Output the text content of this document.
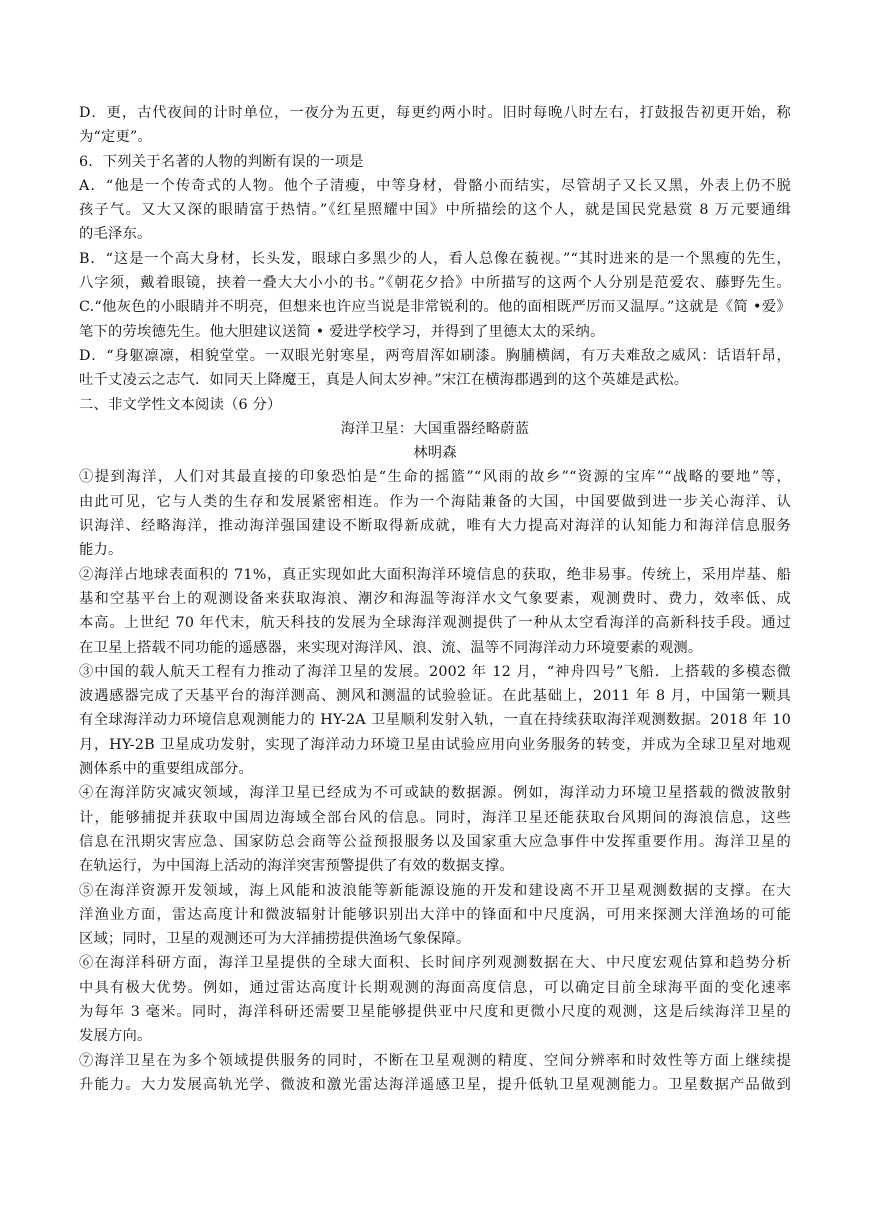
D．更，古代夜间的计时单位，一夜分为五更，每更约两小时。旧时每晚八时左右，打鼓报告初更开始，称
为“定更”。
6．下列关于名著的人物的判断有误的一项是
A．“他是一个传奇式的人物。他个子清瘦，中等身材，骨骼小而结实，尽管胡子又长又黑，外表上仍不脱
孩子气。又大又深的眼睛富于热情。”《红星照耀中国》中所描绘的这个人，就是国民党悬赏 8 万元要通缉
的毛泽东。
B．“这是一个高大身材，长头发，眼球白多黑少的人，看人总像在藐视。”“其时进来的是一个黑瘦的先生，
八字须，戴着眼镜，挟着一叠大大小小的书。”《朝花夕拾》中所描写的这两个人分别是范爱农、藤野先生。
C.“他灰色的小眼睛并不明亮，但想来也许应当说是非常锐利的。他的面相既严厉而又温厚。”这就是《简 •爱》
笔下的劳埃德先生。他大胆建议送简 • 爱进学校学习，并得到了里德太太的采纳。
D．“身躯凛凛，相貌堂堂。一双眼光射寒星，两弯眉浑如刷漆。胸脯横阔，有万夫难敌之威风：话语轩昂，
吐千丈凌云之志气．如同天上降魔王，真是人间太岁神。”宋江在横海郡遇到的这个英雄是武松。
二、非文学性文本阅读（6 分）
海洋卫星：大国重器经略蔚蓝
林明森
①提到海洋，人们对其最直接的印象恐怕是“生命的摇篮”“风雨的故乡”“资源的宝库”“战略的要地”等，
由此可见，它与人类的生存和发展紧密相连。作为一个海陆兼备的大国，中国要做到进一步关心海洋、认
识海洋、经略海洋，推动海洋强国建设不断取得新成就，唯有大力提高对海洋的认知能力和海洋信息服务
能力。
②海洋占地球表面积的 71%，真正实现如此大面积海洋环境信息的获取，绝非易事。传统上，采用岸基、船
基和空基平台上的观测设备来获取海浪、潮汐和海温等海洋水文气象要素，观测费时、费力，效率低、成
本高。上世纪 70 年代末，航天科技的发展为全球海洋观测提供了一种从太空看海洋的高新科技手段。通过
在卫星上搭载不同功能的遥感器，来实现对海洋风、浪、流、温等不同海洋动力环境要素的观测。
③中国的载人航天工程有力推动了海洋卫星的发展。2002 年 12 月，“神舟四号”飞船．上搭载的多模态微
波遇感器完成了天基平台的海洋测高、测风和测温的试验验证。在此基础上，2011 年 8 月，中国第一颗具
有全球海洋动力环境信息观测能力的 HY-2A 卫星顺利发射入轨，一直在持续获取海洋观测数据。2018 年 10
月，HY-2B 卫星成功发射，实现了海洋动力环境卫星由试验应用向业务服务的转变，并成为全球卫星对地观
测体系中的重要组成部分。
④在海洋防灾减灾领域，海洋卫星已经成为不可或缺的数据源。例如，海洋动力环境卫星搭载的微波散射
计，能够捕捉并获取中国周边海域全部台风的信息。同时，海洋卫星还能获取台风期间的海浪信息，这些
信息在汛期灾害应急、国家防总会商等公益预报服务以及国家重大应急事件中发挥重要作用。海洋卫星的
在轨运行，为中国海上活动的海洋突害预警提供了有效的数据支撑。
⑤在海洋资源开发领域，海上风能和波浪能等新能源设施的开发和建设离不开卫星观测数据的支撑。在大
洋渔业方面，雷达高度计和微波辐射计能够识别出大洋中的锋面和中尺度涡，可用来探测大洋渔场的可能
区域；同时，卫星的观测还可为大洋捕捞提供渔场气象保障。
⑥在海洋科研方面，海洋卫星提供的全球大面积、长时间序列观测数据在大、中尺度宏观估算和趋势分析
中具有极大优势。例如，通过雷达高度计长期观测的海面高度信息，可以确定目前全球海平面的变化速率
为每年 3 毫米。同时，海洋科研还需要卫星能够提供亚中尺度和更微小尺度的观测，这是后续海洋卫星的
发展方向。
⑦海洋卫星在为多个领域提供服务的同时，不断在卫星观测的精度、空间分辨率和时效性等方面上继续提
升能力。大力发展高轨光学、微波和激光雷达海洋遥感卫星，提升低轨卫星观测能力。卫星数据产品做到
